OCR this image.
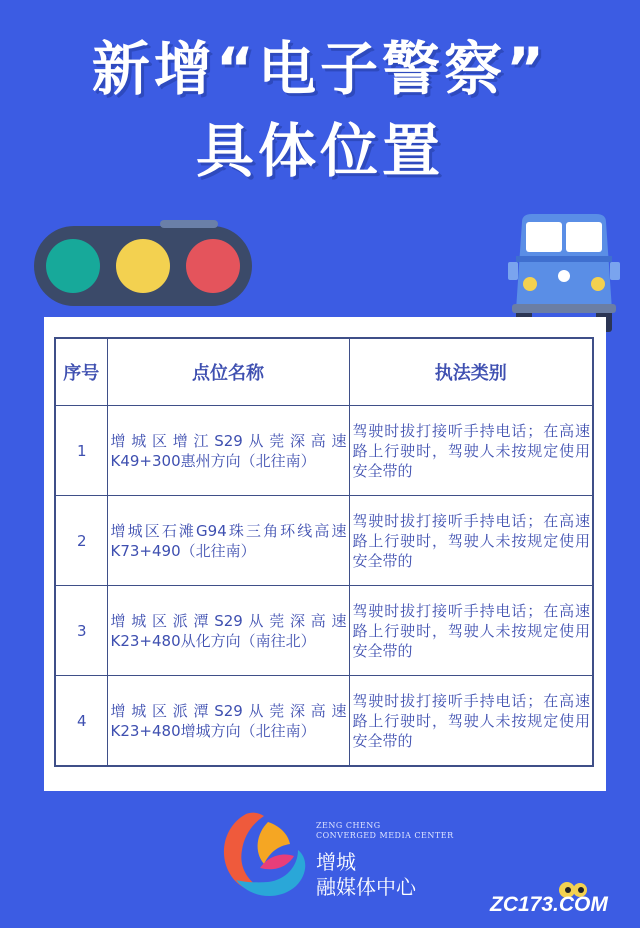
新增“电子警察”
具体位置
序号	点位名称	执法类别
1	增城区增江S29从莞深高速K49+300惠州方向（北往南）	驾驶时拔打接听手持电话；在高速路上行驶时，驾驶人未按规定使用安全带的
2	增城区石滩G94珠三角环线高速K73+490（北往南）	驾驶时拔打接听手持电话；在高速路上行驶时，驾驶人未按规定使用安全带的
3	增城区派潭S29从莞深高速K23+480从化方向（南往北）	驾驶时拔打接听手持电话；在高速路上行驶时，驾驶人未按规定使用安全带的
4	增城区派潭S29从莞深高速K23+480增城方向（北往南）	驾驶时拔打接听手持电话；在高速路上行驶时，驾驶人未按规定使用安全带的
ZENG CHENG
CONVERGED MEDIA CENTER
增城
融媒体中心
ZC173.COM
